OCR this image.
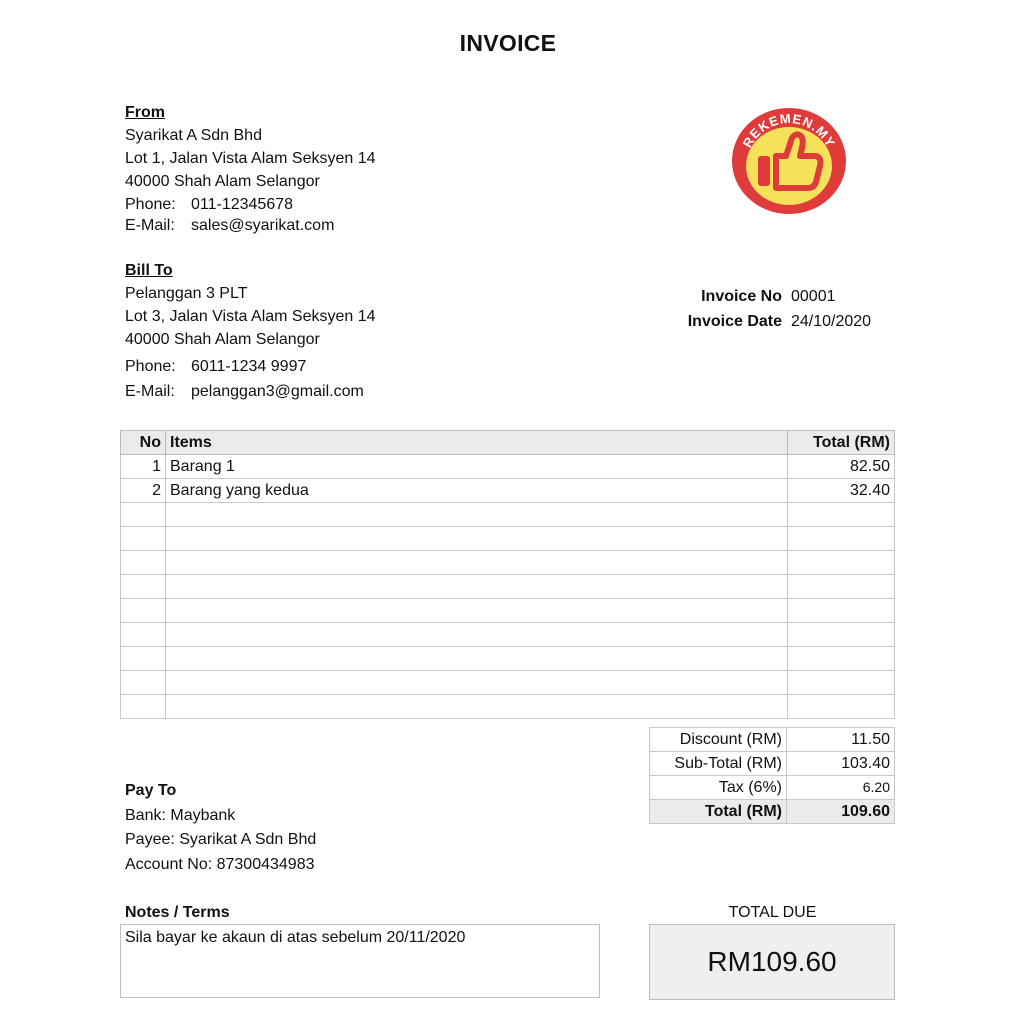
INVOICE
From
Syarikat A Sdn Bhd
Lot 1, Jalan Vista Alam Seksyen 14
40000 Shah Alam Selangor
Phone: 011-12345678
E-Mail:	sales@syarikat.com
REKEMEN.MY
Bill To
Pelanggan 3 PLT
Lot 3, Jalan Vista Alam Seksyen 14
40000 Shah Alam Selangor
Phone: 6011-1234 9997
E-Mail:	pelanggan3@gmail.com
Invoice No 00001
Invoice Date 24/10/2020
No	Items	Total (RM)
1	Barang 1	82.50
2	Barang yang kedua	32.40

Discount (RM)	11.50
Sub-Total (RM)	103.40
Tax (6%)	6.20
Total (RM)	109.60
Pay To
Bank: Maybank
Payee: Syarikat A Sdn Bhd
Account No: 87300434983
Notes / Terms
Sila bayar ke akaun di atas sebelum 20/11/2020
TOTAL DUE
RM109.60
